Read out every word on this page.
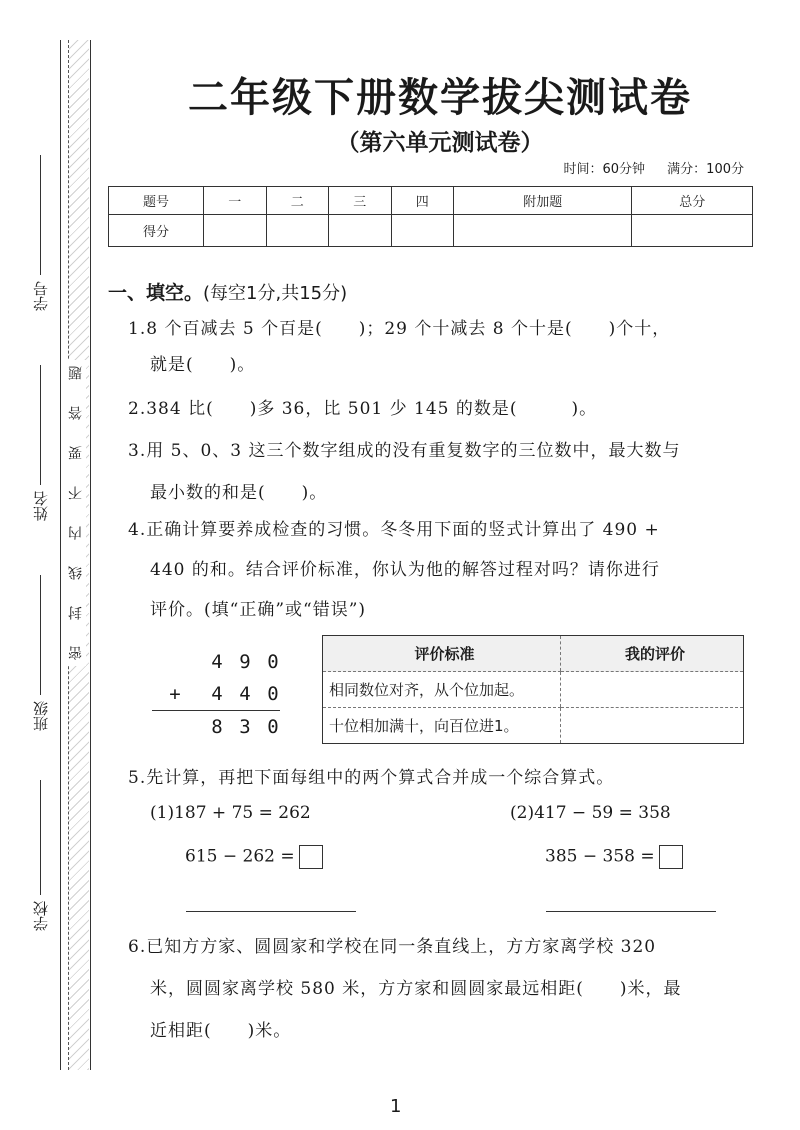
学号
姓名
班级
学校
题
答
要
不
内
线
封
密
二年级下册数学拔尖测试卷
（第六单元测试卷）
时间：60分钟 满分：100分
题号	一	二	三	四	附加题	总分
得分						
一、填空。(每空1分,共15分)
1.8 个百减去 5 个百是(　　)；29 个十减去 8 个十是(　　)个十，
就是(　　)。
2.384 比(　　)多 36，比 501 少 145 的数是(　　　)。
3.用 5、0、3 这三个数字组成的没有重复数字的三位数中，最大数与
最小数的和是(　　)。
4.正确计算要养成检查的习惯。冬冬用下面的竖式计算出了 490 +
440 的和。结合评价标准，你认为他的解答过程对吗？请你进行
评价。(填“正确”或“错误”)
4 9 0
+ 4 4 0
8 3 0
评价标准	我的评价
相同数位对齐，从个位加起。	
十位相加满十，向百位进1。	
5.先计算，再把下面每组中的两个算式合并成一个综合算式。
(1)187 + 75 = 262
615 − 262 =
(2)417 − 59 = 358
385 − 358 =
6.已知方方家、圆圆家和学校在同一条直线上，方方家离学校 320
米，圆圆家离学校 580 米，方方家和圆圆家最远相距(　　)米，最
近相距(　　)米。
1
